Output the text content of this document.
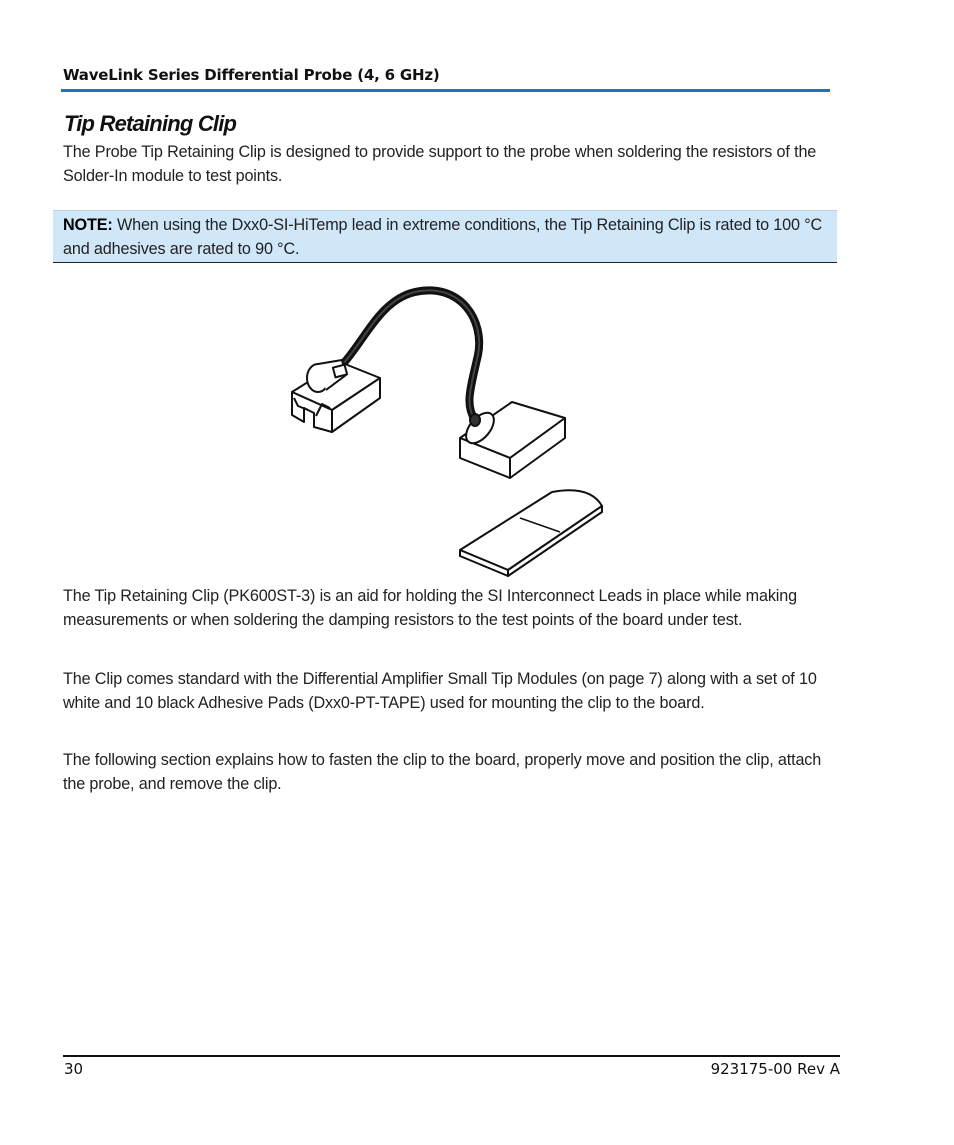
WaveLink Series Differential Probe (4, 6 GHz)
Tip Retaining Clip
The Probe Tip Retaining Clip is designed to provide support to the probe when soldering the resistors of the Solder-In module to test points.
NOTE: When using the Dxx0-SI-HiTemp lead in extreme conditions, the Tip Retaining Clip is rated to 100 °C and adhesives are rated to 90 °C.
The Tip Retaining Clip (PK600ST-3) is an aid for holding the SI Interconnect Leads in place while making measurements or when soldering the damping resistors to the test points of the board under test.
The Clip comes standard with the Differential Amplifier Small Tip Modules (on page 7) along with a set of 10 white and 10 black Adhesive Pads (Dxx0-PT-TAPE) used for mounting the clip to the board.
The following section explains how to fasten the clip to the board, properly move and position the clip, attach the probe, and remove the clip.
30	923175-00 Rev A
